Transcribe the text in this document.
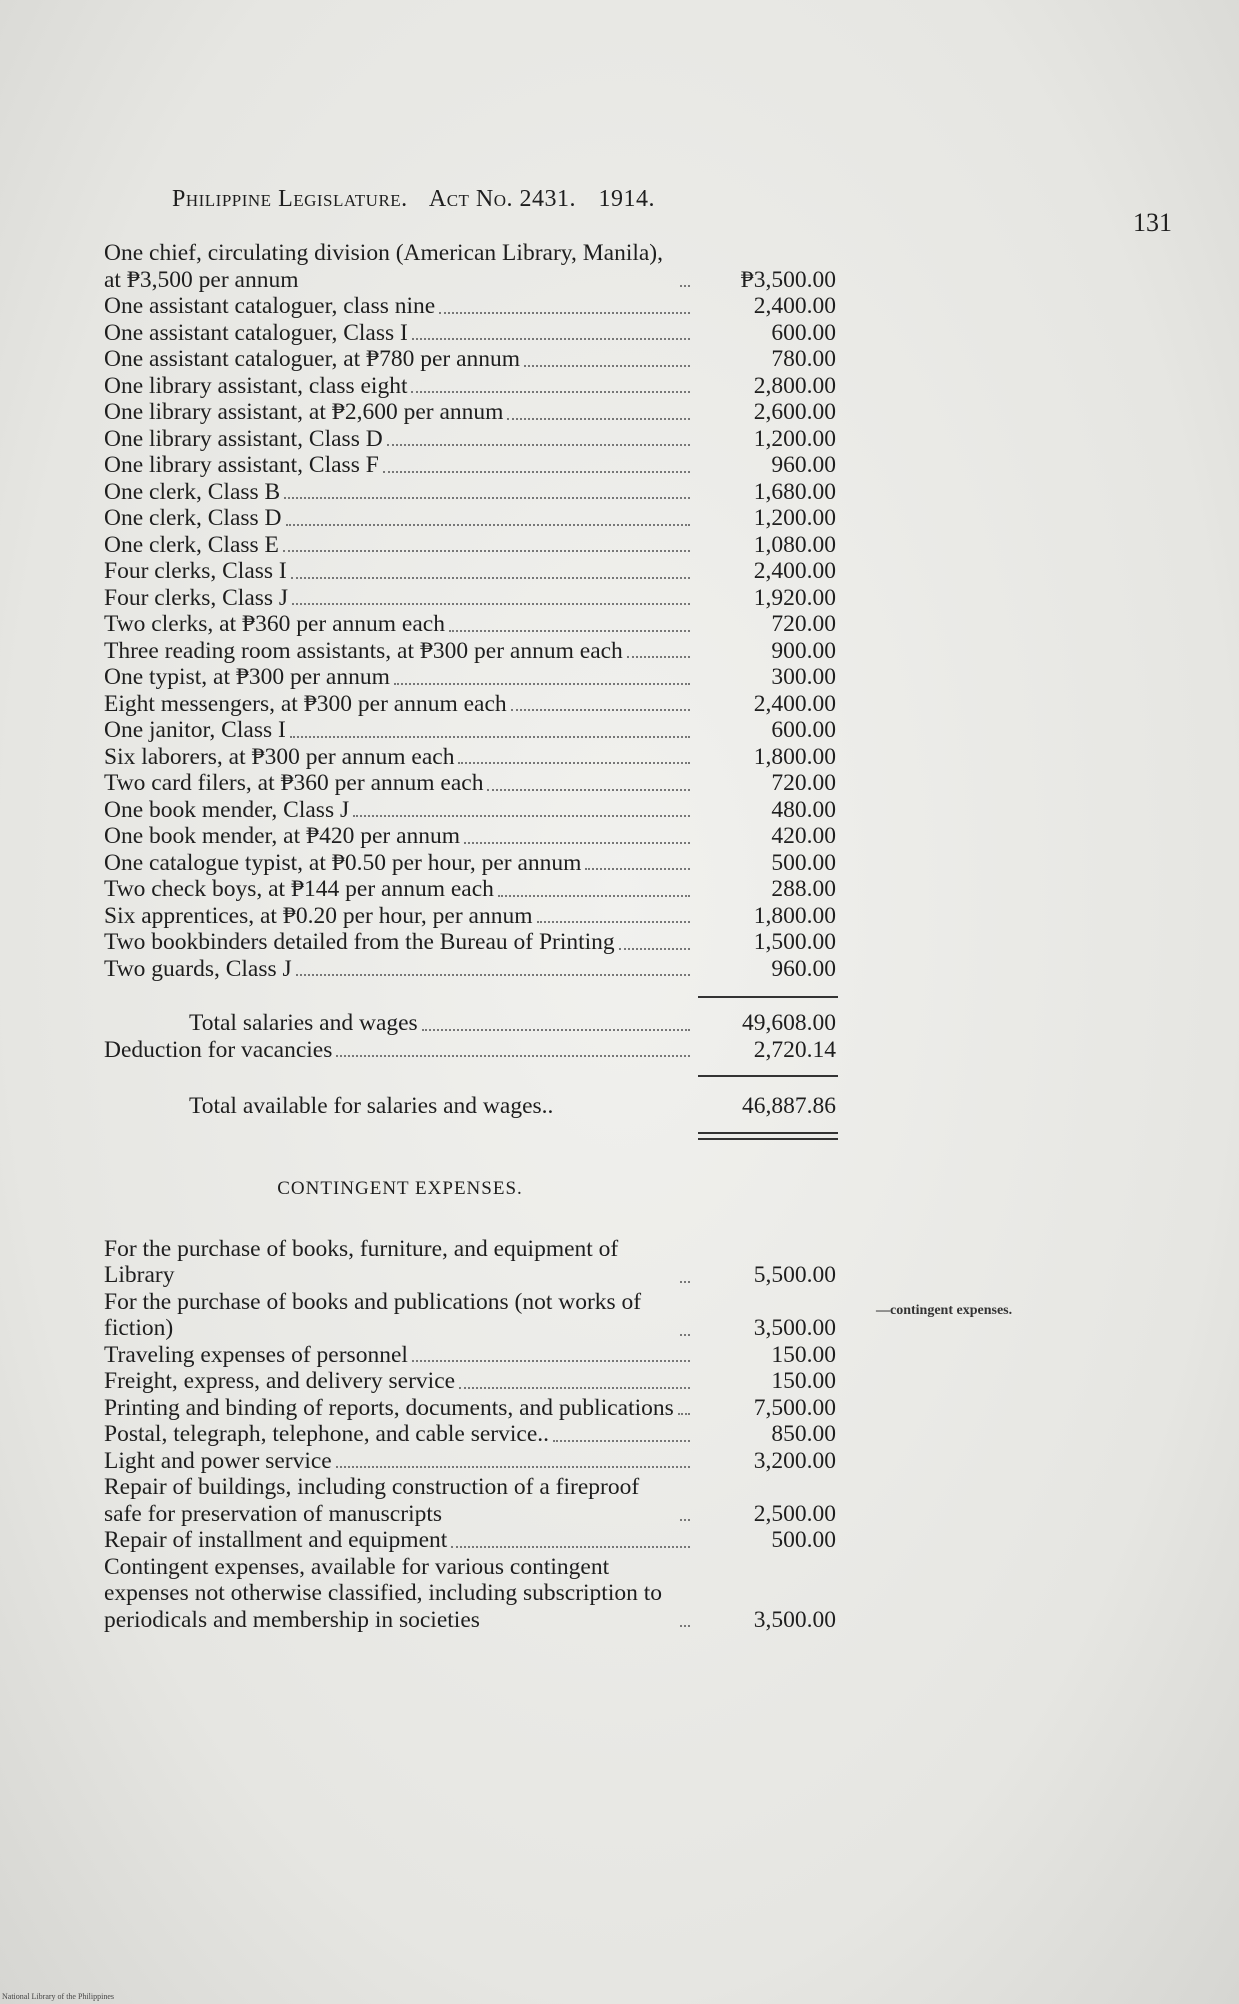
Philippine Legislature. Act No. 2431. 1914.
131
One chief, circulating division (American Library, Manila), at ₱3,500 per annum	₱3,500.00
One assistant cataloguer, class nine	2,400.00
One assistant cataloguer, Class I	600.00
One assistant cataloguer, at ₱780 per annum	780.00
One library assistant, class eight	2,800.00
One library assistant, at ₱2,600 per annum	2,600.00
One library assistant, Class D	1,200.00
One library assistant, Class F	960.00
One clerk, Class B	1,680.00
One clerk, Class D	1,200.00
One clerk, Class E	1,080.00
Four clerks, Class I	2,400.00
Four clerks, Class J	1,920.00
Two clerks, at ₱360 per annum each	720.00
Three reading room assistants, at ₱300 per annum each	900.00
One typist, at ₱300 per annum	300.00
Eight messengers, at ₱300 per annum each	2,400.00
One janitor, Class I	600.00
Six laborers, at ₱300 per annum each	1,800.00
Two card filers, at ₱360 per annum each	720.00
One book mender, Class J	480.00
One book mender, at ₱420 per annum	420.00
One catalogue typist, at ₱0.50 per hour, per annum	500.00
Two check boys, at ₱144 per annum each	288.00
Six apprentices, at ₱0.20 per hour, per annum	1,800.00
Two bookbinders detailed from the Bureau of Printing	1,500.00
Two guards, Class J	960.00
Total salaries and wages	49,608.00
Deduction for vacancies	2,720.14
Total available for salaries and wages..	46,887.86
CONTINGENT EXPENSES.
For the purchase of books, furniture, and equipment of Library	5,500.00
For the purchase of books and publications (not works of fiction)	3,500.00
Traveling expenses of personnel	150.00
Freight, express, and delivery service	150.00
Printing and binding of reports, documents, and publications	7,500.00
Postal, telegraph, telephone, and cable service..	850.00
Light and power service	3,200.00
Repair of buildings, including construction of a fireproof safe for preservation of manuscripts	2,500.00
Repair of installment and equipment	500.00
Contingent expenses, available for various contingent expenses not otherwise classified, including subscription to periodicals and membership in societies	3,500.00
—contingent expenses.
National Library of the Philippines
